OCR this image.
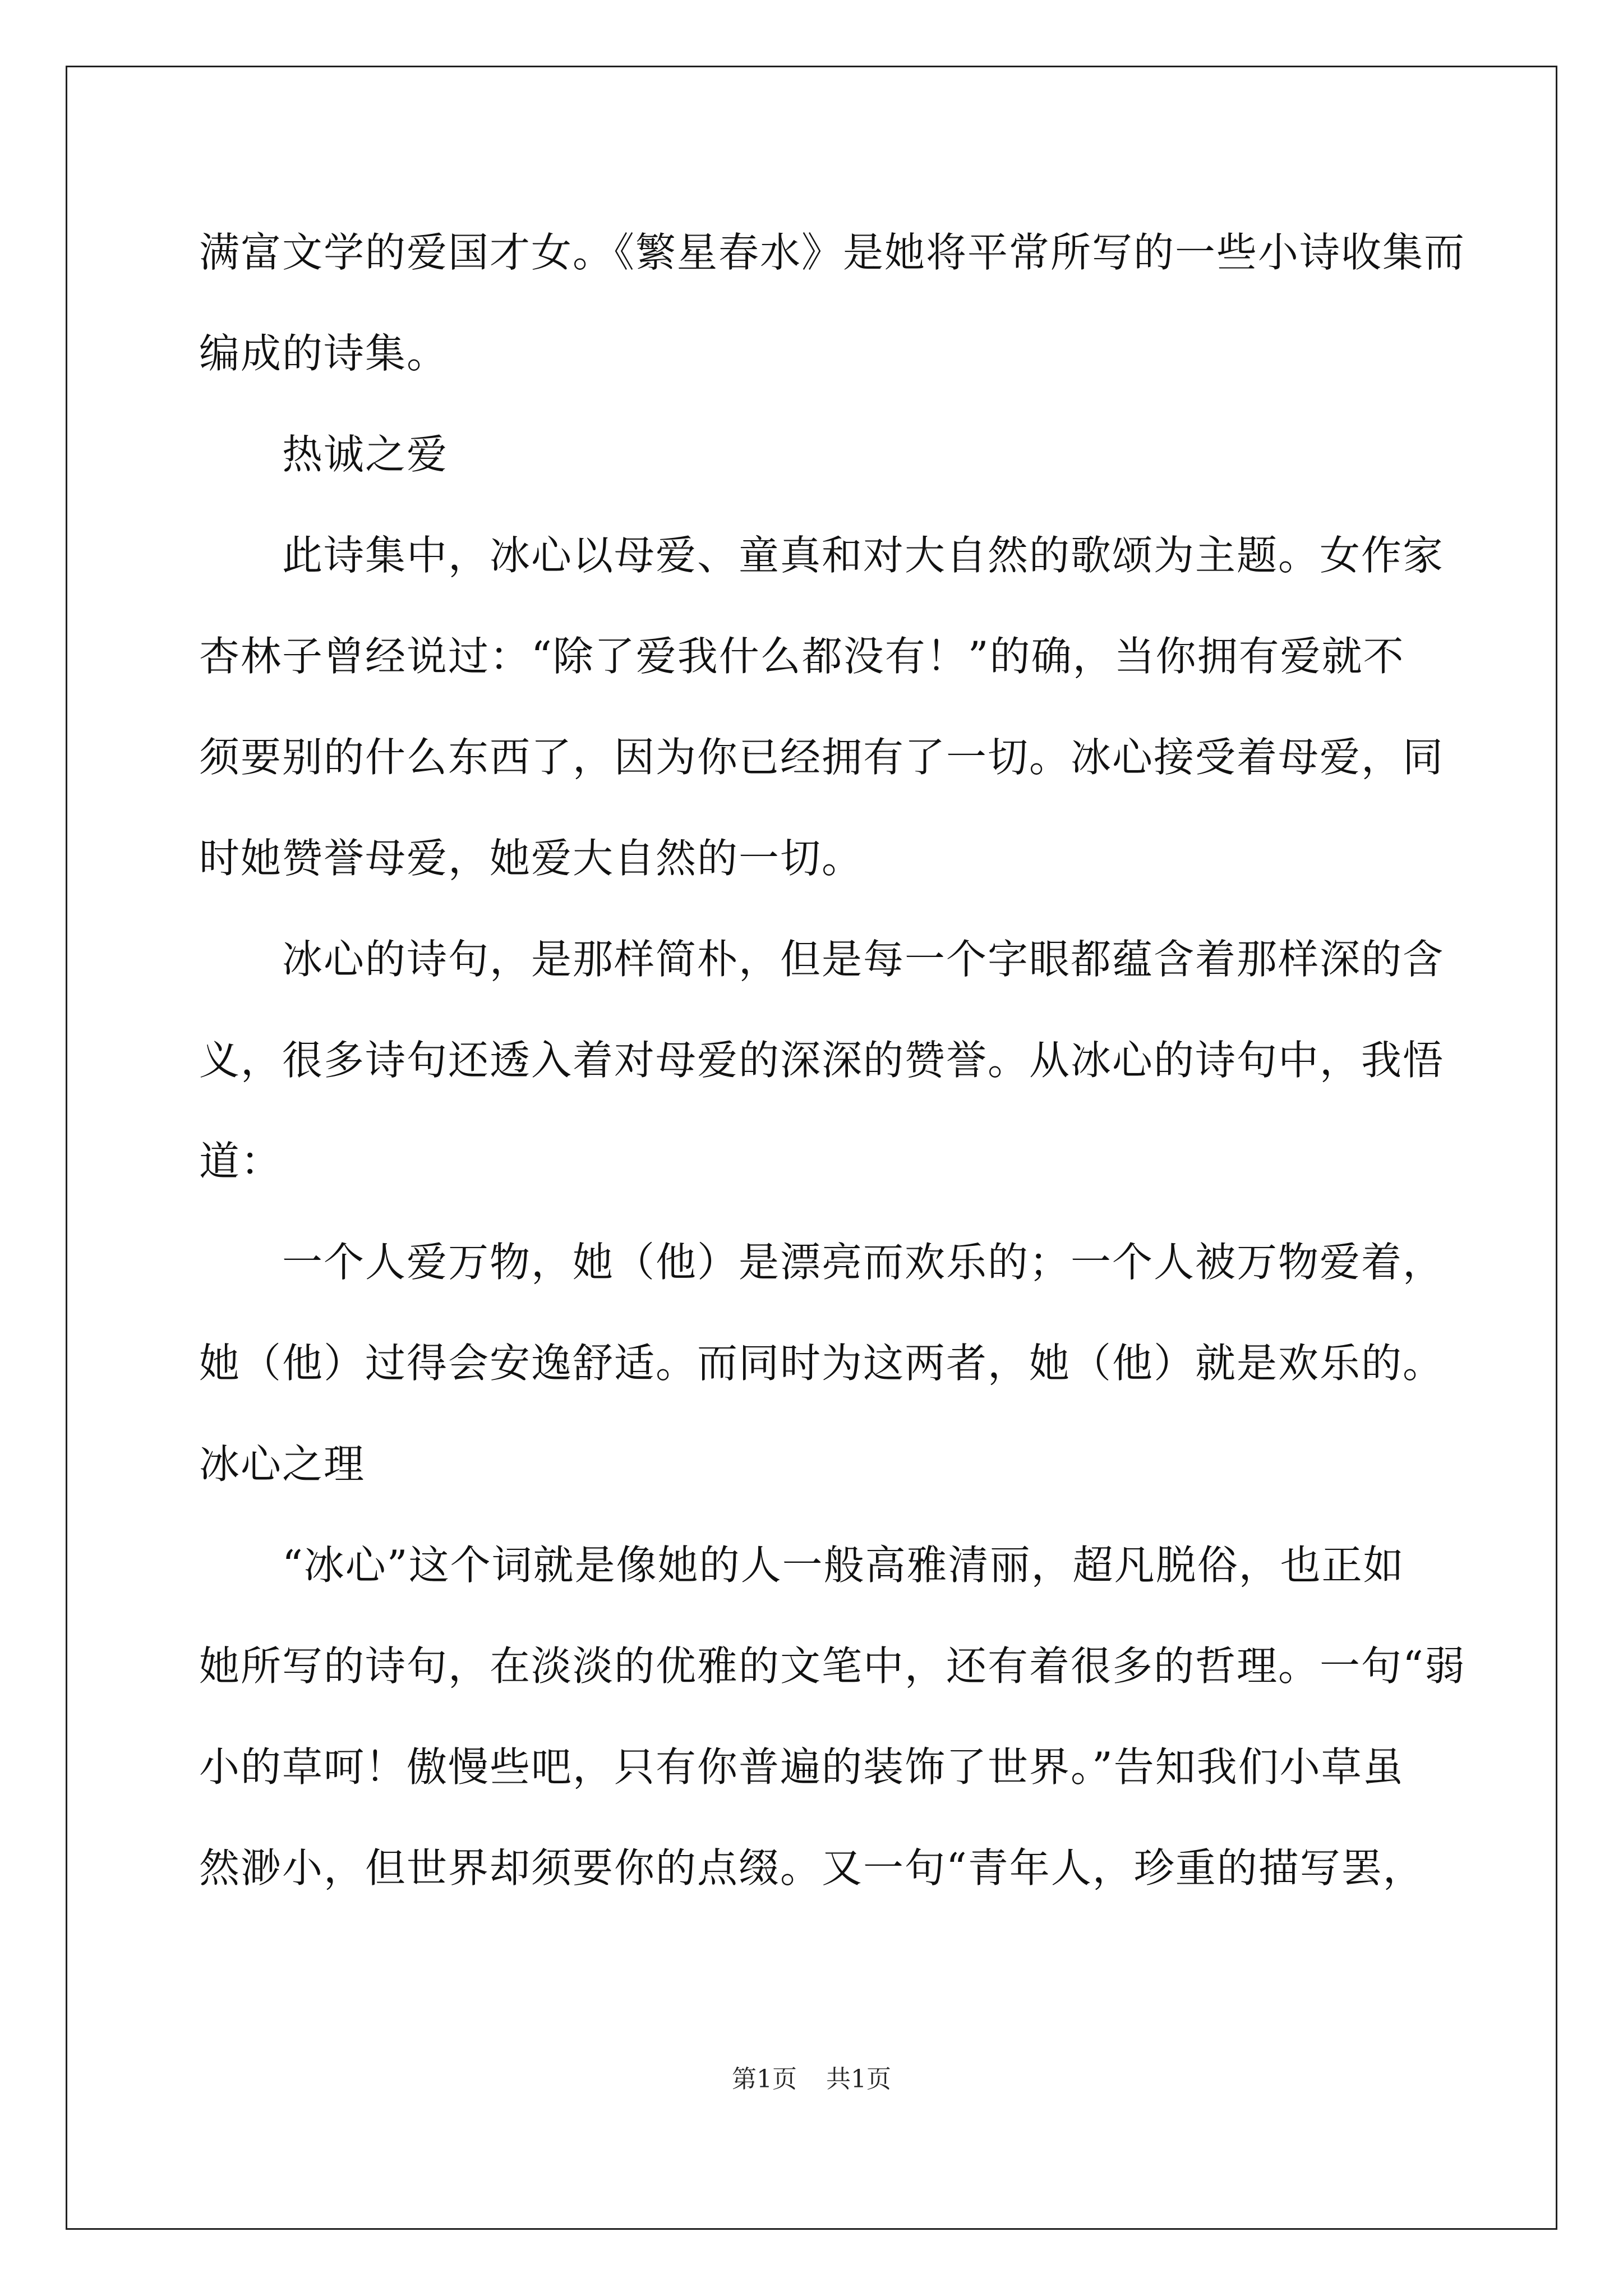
满富文学的爱国才女。《繁星春水》是她将平常所写的一些小诗收集而
编成的诗集。
热诚之爱
此诗集中，冰心以母爱、童真和对大自然的歌颂为主题。女作家
杏林子曾经说过：“除了爱我什么都没有！”的确，当你拥有爱就不
须要别的什么东西了，因为你已经拥有了一切。冰心接受着母爱，同
时她赞誉母爱，她爱大自然的一切。
冰心的诗句，是那样简朴，但是每一个字眼都蕴含着那样深的含
义，很多诗句还透入着对母爱的深深的赞誉。从冰心的诗句中，我悟
道：
一个人爱万物，她（他）是漂亮而欢乐的；一个人被万物爱着，
她（他）过得会安逸舒适。而同时为这两者，她（他）就是欢乐的。
冰心之理
“冰心”这个词就是像她的人一般高雅清丽，超凡脱俗，也正如
她所写的诗句，在淡淡的优雅的文笔中，还有着很多的哲理。一句“弱
小的草呵！傲慢些吧，只有你普遍的装饰了世界。”告知我们小草虽
然渺小，但世界却须要你的点缀。又一句“青年人，珍重的描写罢，
第1页 共1页
